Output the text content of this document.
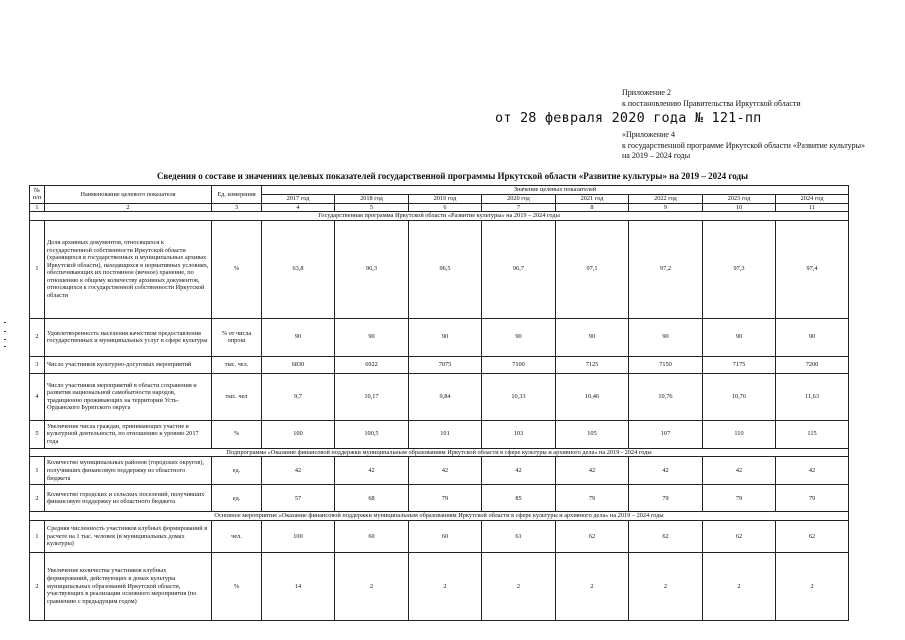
Приложение 2
к постановлению Правительства Иркутской области
от 28 февраля 2020 года № 121-пп
«Приложение 4
к государственной программе Иркутской области «Развитие культуры» на 2019 – 2024 годы
Сведения о составе и значениях целевых показателей государственной программы Иркутской области «Развитие культуры» на 2019 – 2024 годы
№ п/п	Наименование целевого показателя	Ед. измерения	Значение целевых показателей							
			2017 год	2018 год	2019 год	2020 год	2021 год	2022 год	2023 год	2024 год
1	2	3	4	5	6	7	8	9	10	11
Государственная программа Иркутской области «Развитие культуры» на 2019 – 2024 годы										
1	Доля архивных документов, относящихся к государственной собственности Иркутской области (хранящихся в государственных и муниципальных архивах Иркутской области), находящихся в нормативных условиях, обеспечивающих их постоянное (вечное) хранение, по отношению к общему количеству архивных документов, относящихся к государственной собственности Иркутской области	%	63,8	96,3	96,5	96,7	97,1	97,2	97,3	97,4
2	Удовлетворенность населения качеством предоставления государственных и муниципальных услуг в сфере культуры	% от числа опрош	90	90	90	90	90	90	90	90
3	Число участников культурно-досуговых мероприятий	тыс. чел.	6830	6922	7075	7100	7125	7150	7175	7200
4	Число участников мероприятий в области сохранения и развития национальной самобытности народов, традиционно проживающих на территории Усть-Ордынского Бурятского округа	тыс. чел	9,7	10,17	9,84	10,33	10,46	10,76	10,76	11,63
5	Увеличение числа граждан, принимающих участие в культурной деятельности, по отношению к уровню 2017 года	%	100	100,5	101	103	105	107	110	115
Подпрограмма «Оказание финансовой поддержки муниципальным образованиям Иркутской области в сфере культуры и архивного дела» на 2019 - 2024 годы										
1	Количество муниципальных районов (городских округов), получивших финансовую поддержку из областного бюджета	ед.	42	42	42	42	42	42	42	42
2	Количество городских и сельских поселений, получивших финансовую поддержку из областного бюджета	ед.	57	68	79	85	79	79	79	79
Основное мероприятие «Оказание финансовой поддержки муниципальным образованиям Иркутской области в сфере культуры и архивного дела» на 2019 – 2024 годы										
1	Средняя численность участников клубных формирований в расчете на 1 тыс. человек (в муниципальных домах культуры)	чел.	100	60	60	61	62	62	62	62
2	Увеличение количества участников клубных формирований, действующих в домах культуры муниципальных образований Иркутской области, участвующих в реализации основного мероприятия (по сравнению с предыдущим годом)	%	14	2	2	2	2	2	2	2
